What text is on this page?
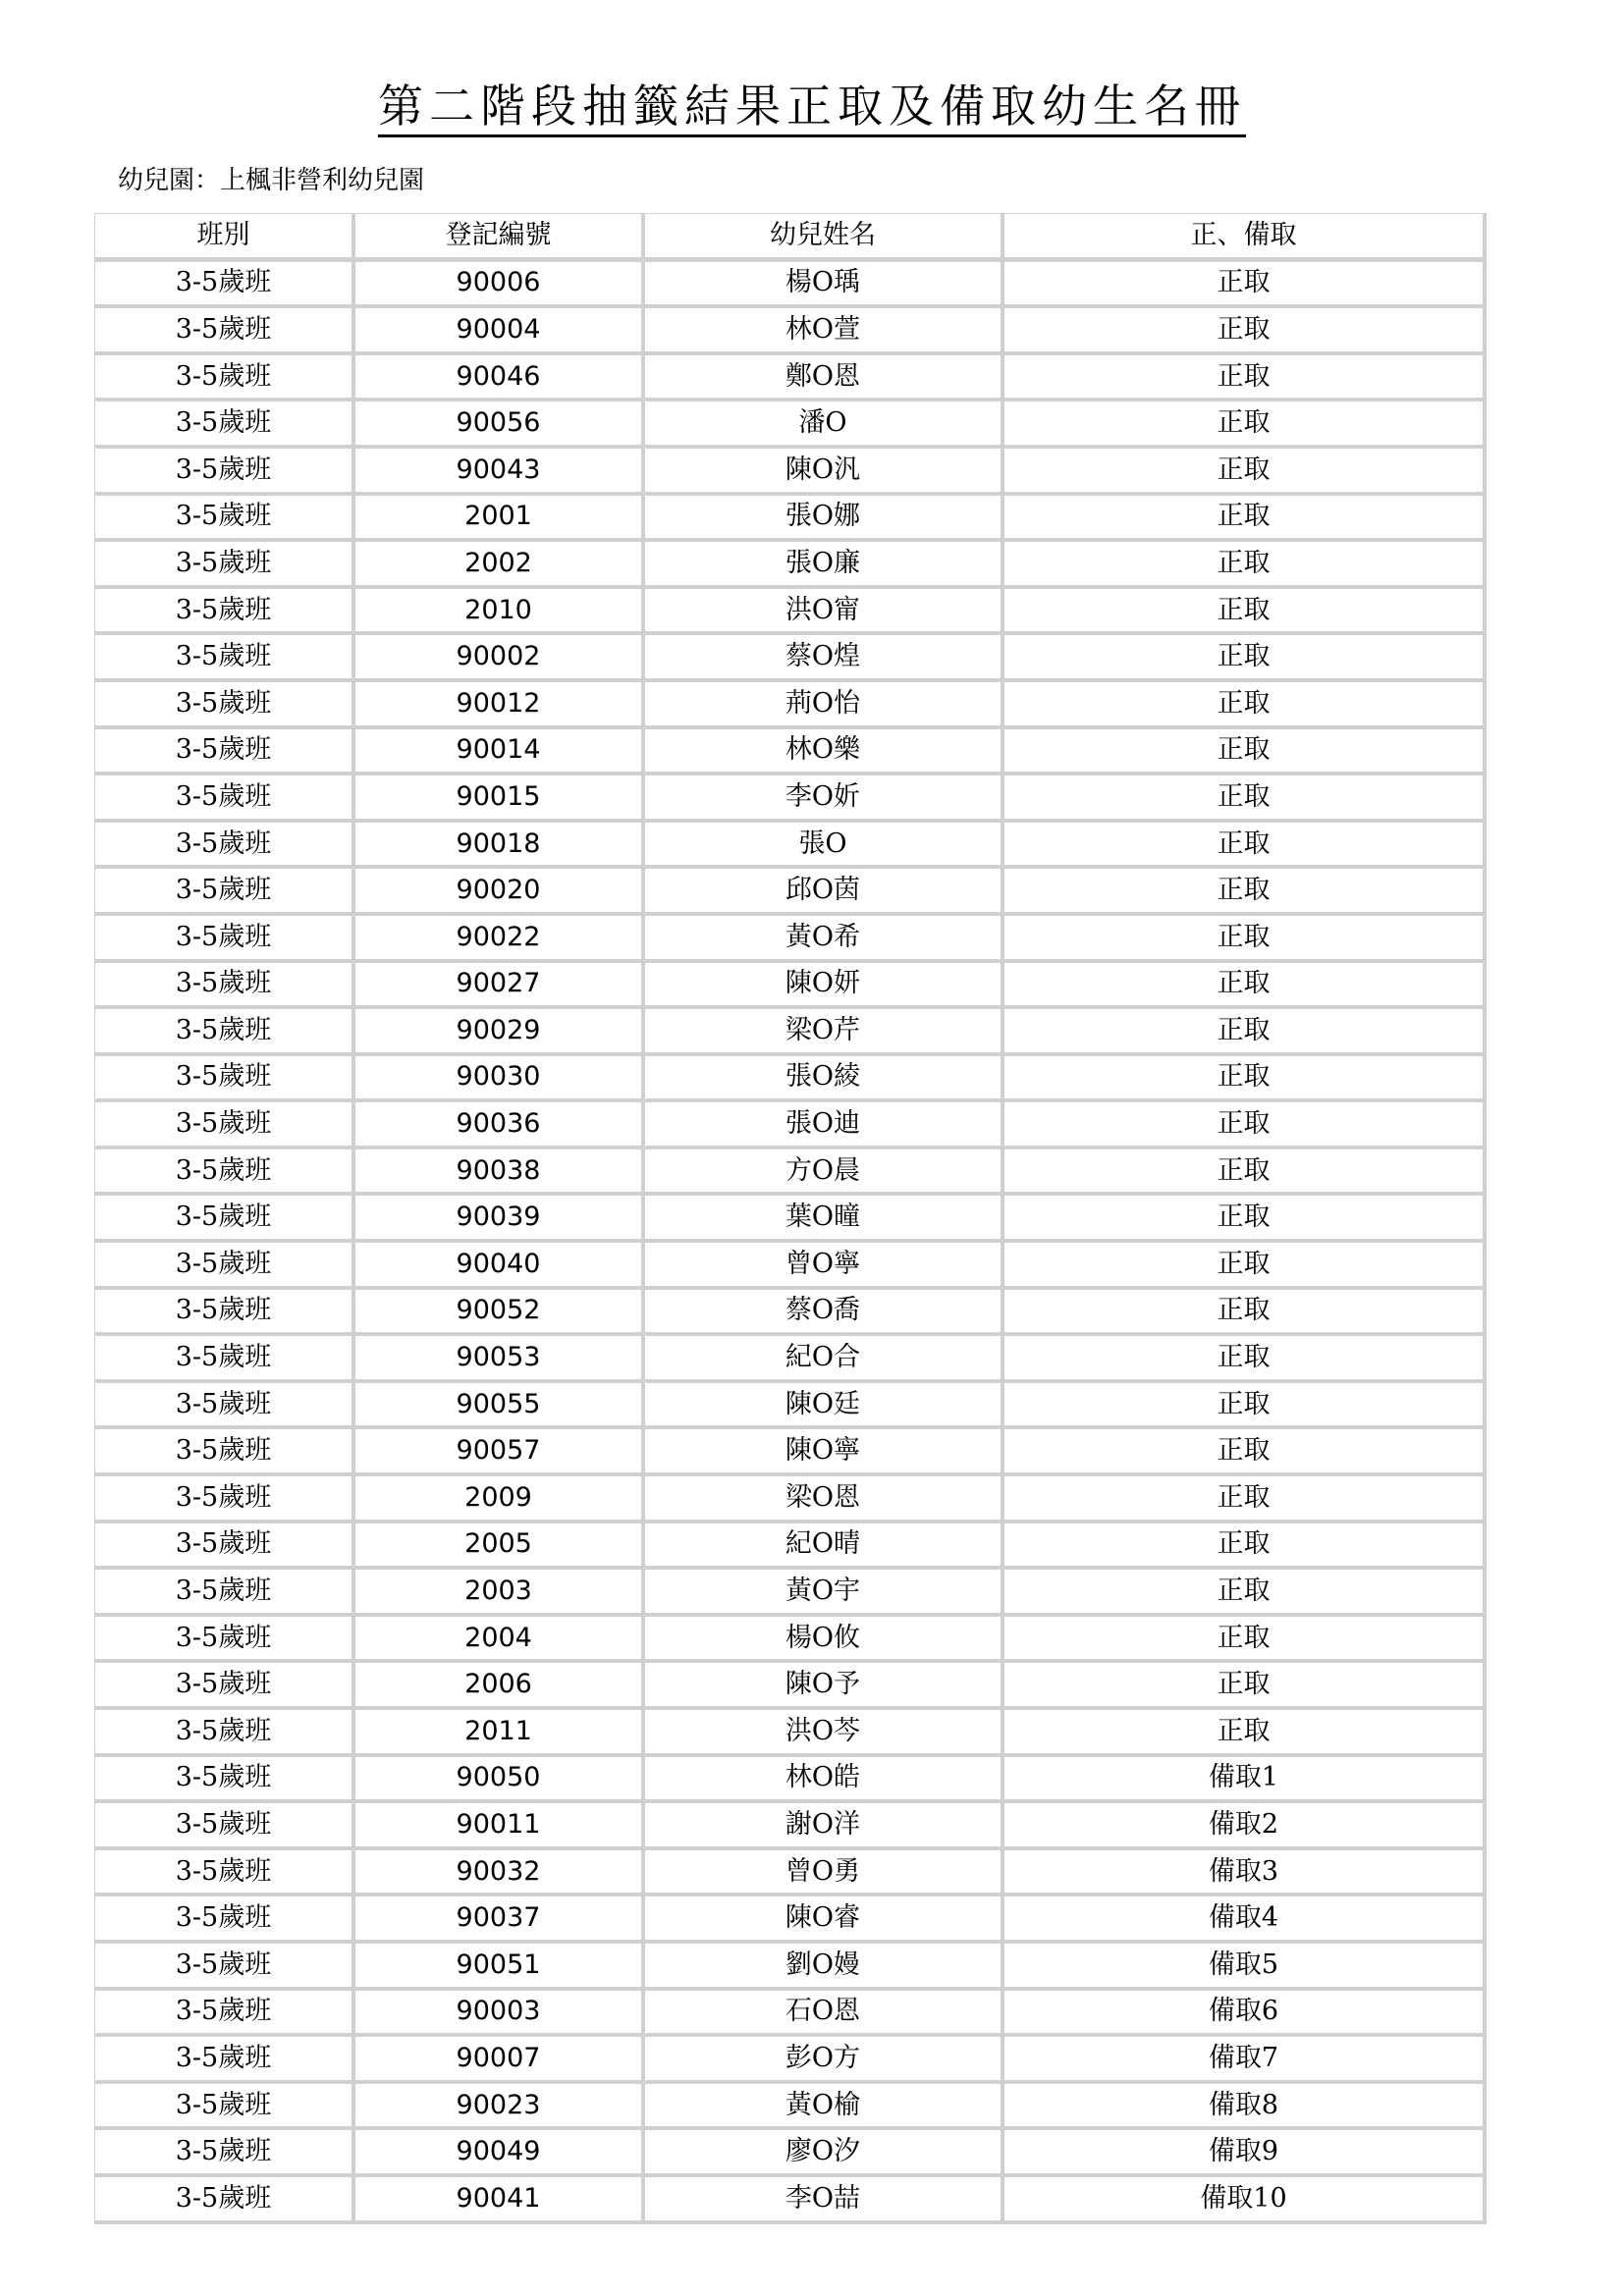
第二階段抽籤結果正取及備取幼生名冊
幼兒園：上楓非營利幼兒園
班別	登記編號	幼兒姓名	正、備取
3-5歲班	90006	楊O瑀	正取
3-5歲班	90004	林O萱	正取
3-5歲班	90046	鄭O恩	正取
3-5歲班	90056	潘O	正取
3-5歲班	90043	陳O汎	正取
3-5歲班	2001	張O娜	正取
3-5歲班	2002	張O廉	正取
3-5歲班	2010	洪O甯	正取
3-5歲班	90002	蔡O煌	正取
3-5歲班	90012	荊O怡	正取
3-5歲班	90014	林O樂	正取
3-5歲班	90015	李O妡	正取
3-5歲班	90018	張O	正取
3-5歲班	90020	邱O茵	正取
3-5歲班	90022	黃O希	正取
3-5歲班	90027	陳O妍	正取
3-5歲班	90029	梁O芹	正取
3-5歲班	90030	張O綾	正取
3-5歲班	90036	張O迪	正取
3-5歲班	90038	方O晨	正取
3-5歲班	90039	葉O曈	正取
3-5歲班	90040	曾O寧	正取
3-5歲班	90052	蔡O喬	正取
3-5歲班	90053	紀O合	正取
3-5歲班	90055	陳O廷	正取
3-5歲班	90057	陳O寧	正取
3-5歲班	2009	梁O恩	正取
3-5歲班	2005	紀O晴	正取
3-5歲班	2003	黃O宇	正取
3-5歲班	2004	楊O攸	正取
3-5歲班	2006	陳O予	正取
3-5歲班	2011	洪O芩	正取
3-5歲班	90050	林O皓	備取1
3-5歲班	90011	謝O洋	備取2
3-5歲班	90032	曾O勇	備取3
3-5歲班	90037	陳O睿	備取4
3-5歲班	90051	劉O嫚	備取5
3-5歲班	90003	石O恩	備取6
3-5歲班	90007	彭O方	備取7
3-5歲班	90023	黃O榆	備取8
3-5歲班	90049	廖O汐	備取9
3-5歲班	90041	李O喆	備取10
